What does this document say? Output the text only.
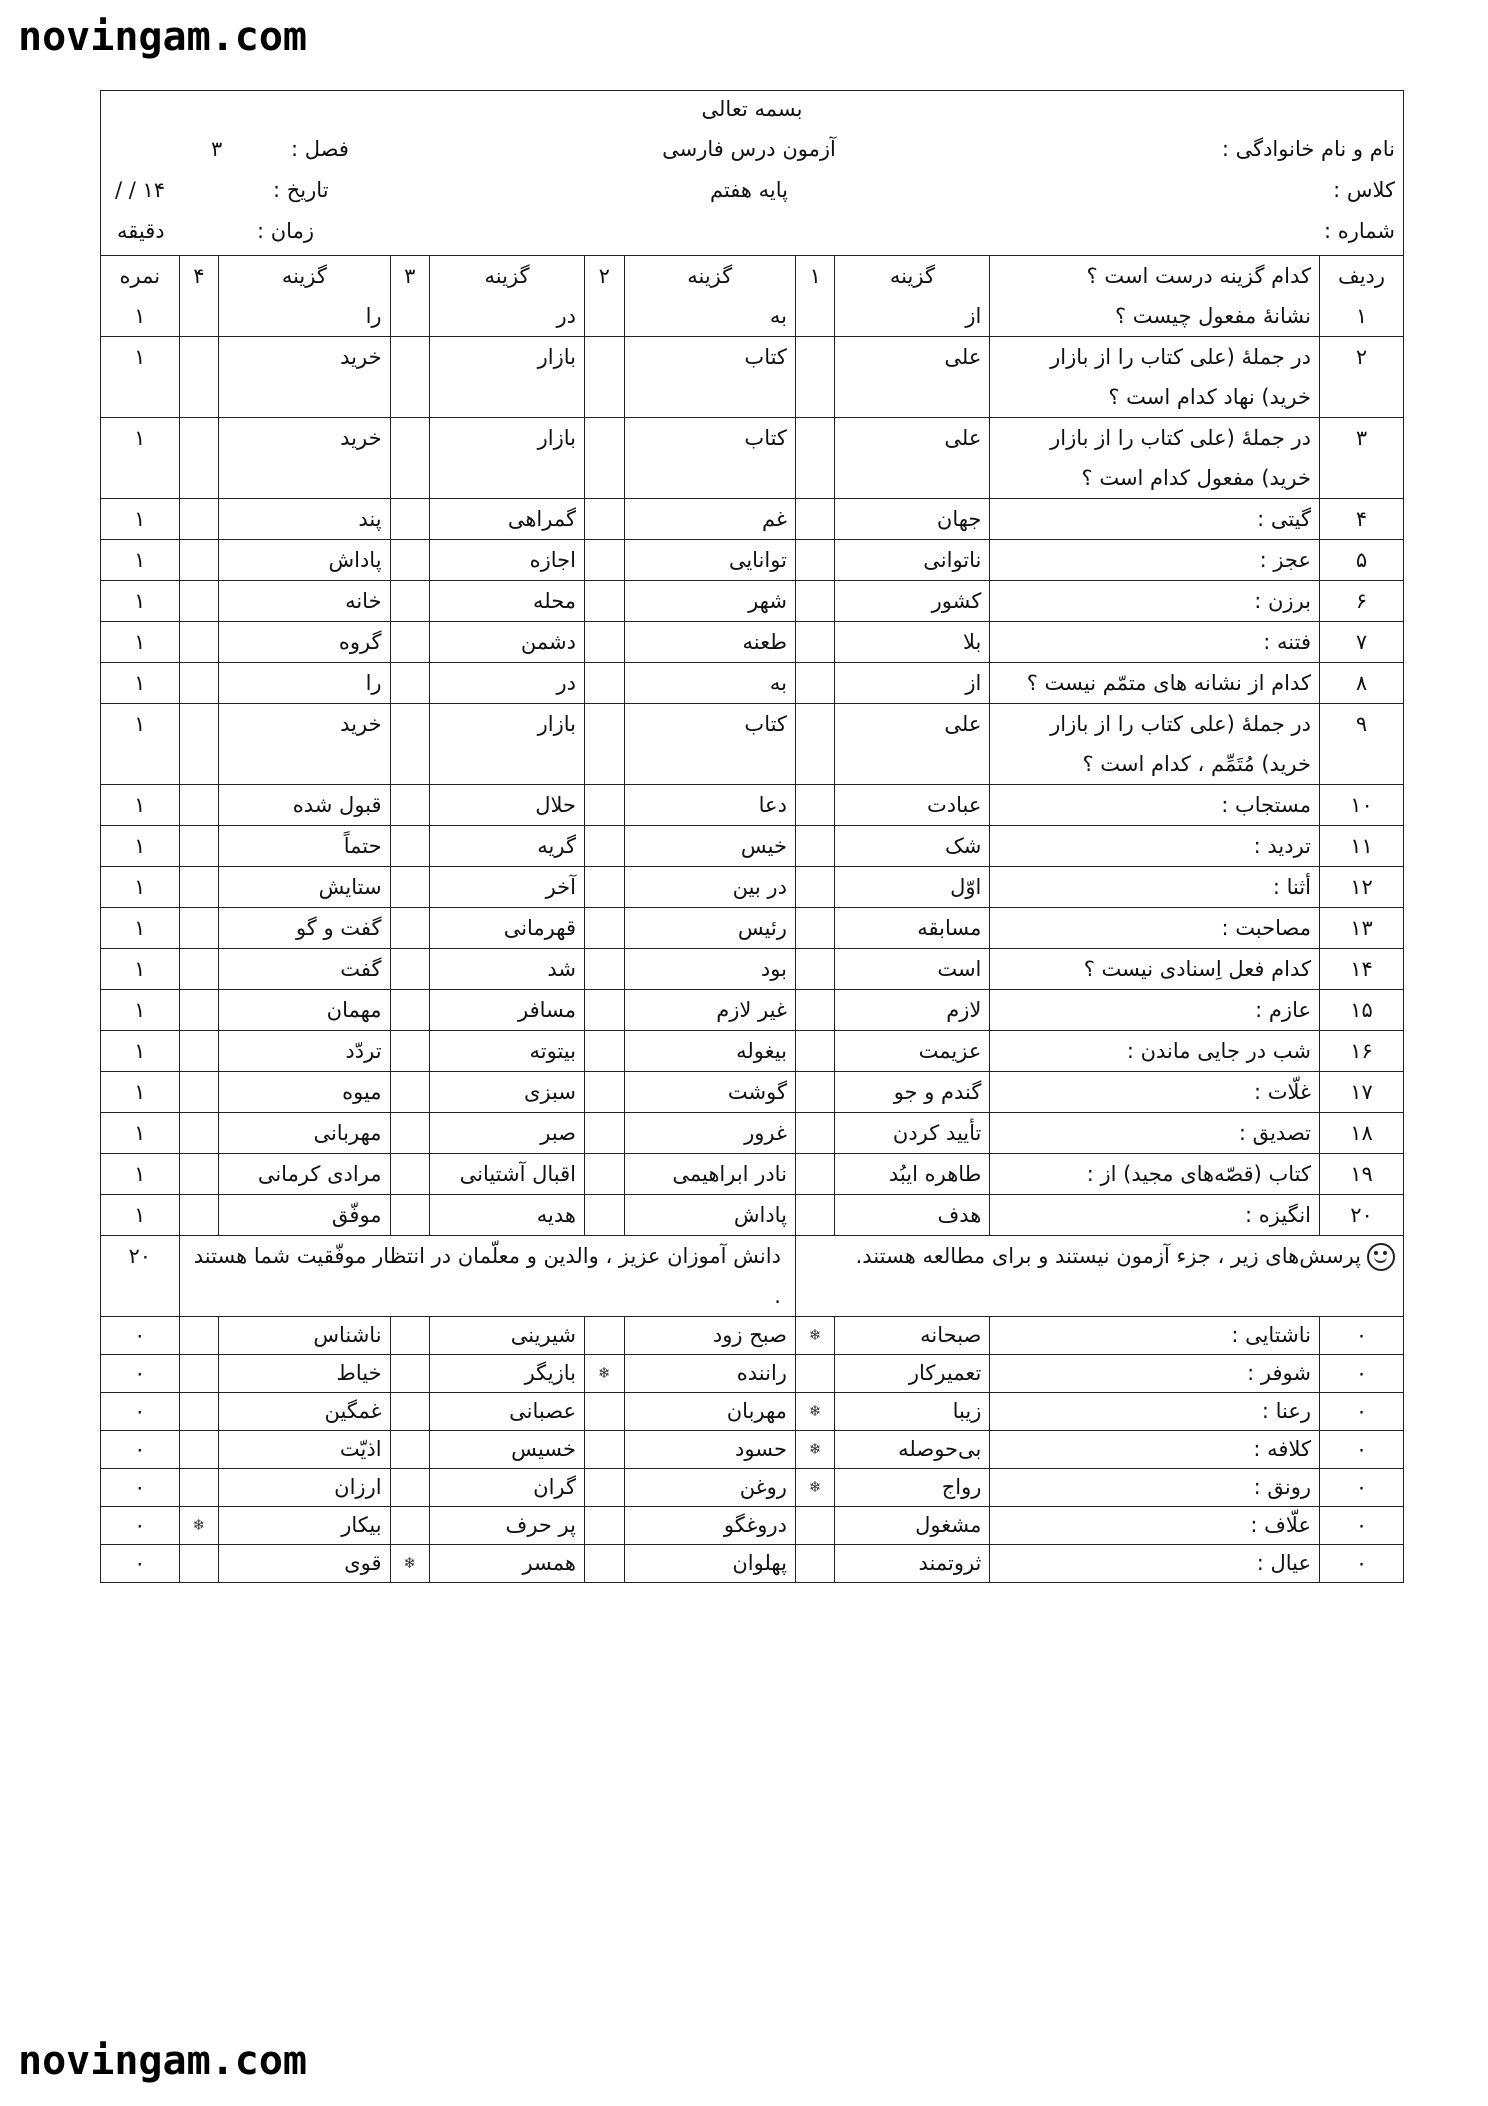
novingam.com
بسمه تعالی
نام و نام خانوادگی :
آزمون درس فارسی
فصل :
۳
کلاس :
پایه هفتم
تاریخ :
/ / ۱۴
شماره :
زمان :
دقیقه
ردیف	کدام گزینه درست است ؟	گزینه	۱	گزینه	۲	گزینه	۳	گزینه	۴	نمره
۱	نشانهٔ مفعول چیست ؟	از		به		در		را		۱
۲	در جملهٔ (علی کتاب را از بازار خرید) نهاد کدام است ؟	علی		کتاب		بازار		خرید		۱
۳	در جملهٔ (علی کتاب را از بازار خرید) مفعول کدام است ؟	علی		کتاب		بازار		خرید		۱
۴	گیتی :	جهان		غم		گمراهی		پند		۱
۵	عجز :	ناتوانی		توانایی		اجازه		پاداش		۱
۶	برزن :	کشور		شهر		محله		خانه		۱
۷	فتنه :	بلا		طعنه		دشمن		گروه		۱
۸	کدام از نشانه های متمّم نیست ؟	از		به		در		را		۱
۹	در جملهٔ (علی کتاب را از بازار خرید) مُتَمِّم ، کدام است ؟	علی		کتاب		بازار		خرید		۱
۱۰	مستجاب :	عبادت		دعا		حلال		قبول شده		۱
۱۱	تردید :	شک		خیس		گریه		حتماً		۱
۱۲	أثنا :	اوّل		در بین		آخر		ستایش		۱
۱۳	مصاحبت :	مسابقه		رئیس		قهرمانی		گفت و گو		۱
۱۴	کدام فعل اِسنادی نیست ؟	است		بود		شد		گفت		۱
۱۵	عازم :	لازم		غیر لازم		مسافر		مهمان		۱
۱۶	شب در جایی ماندن :	عزیمت		بیغوله		بیتوته		تردّد		۱
۱۷	غلّات :	گندم و جو		گوشت		سبزی		میوه		۱
۱۸	تصدیق :	تأیید کردن		غرور		صبر		مهربانی		۱
۱۹	کتاب (قصّه‌های مجید) از :	طاهره ایبُد		نادر ابراهیمی		اقبال آشتیانی		مرادی کرمانی		۱
۲۰	انگیزه :	هدف		پاداش		هدیه		موفّق		۱
پرسش‌های زیر ، جزء آزمون نیستند و برای مطالعه هستند.				دانش آموزان عزیز ، والدین و معلّمان در انتظار موفّقیت شما هستند .						۲۰
٠	ناشتایی :	صبحانه	❄	صبح زود		شیرینی		ناشناس		٠
٠	شوفر :	تعمیرکار		راننده	❄	بازیگر		خیاط		٠
٠	رعنا :	زیبا	❄	مهربان		عصبانی		غمگین		٠
٠	کلافه :	بی‌حوصله	❄	حسود		خسیس		اذیّت		٠
٠	رونق :	رواج	❄	روغن		گران		ارزان		٠
٠	علّاف :	مشغول		دروغگو		پر حرف		بیکار	❄	٠
٠	عیال :	ثروتمند		پهلوان		همسر	❄	قوی		٠
novingam.com
